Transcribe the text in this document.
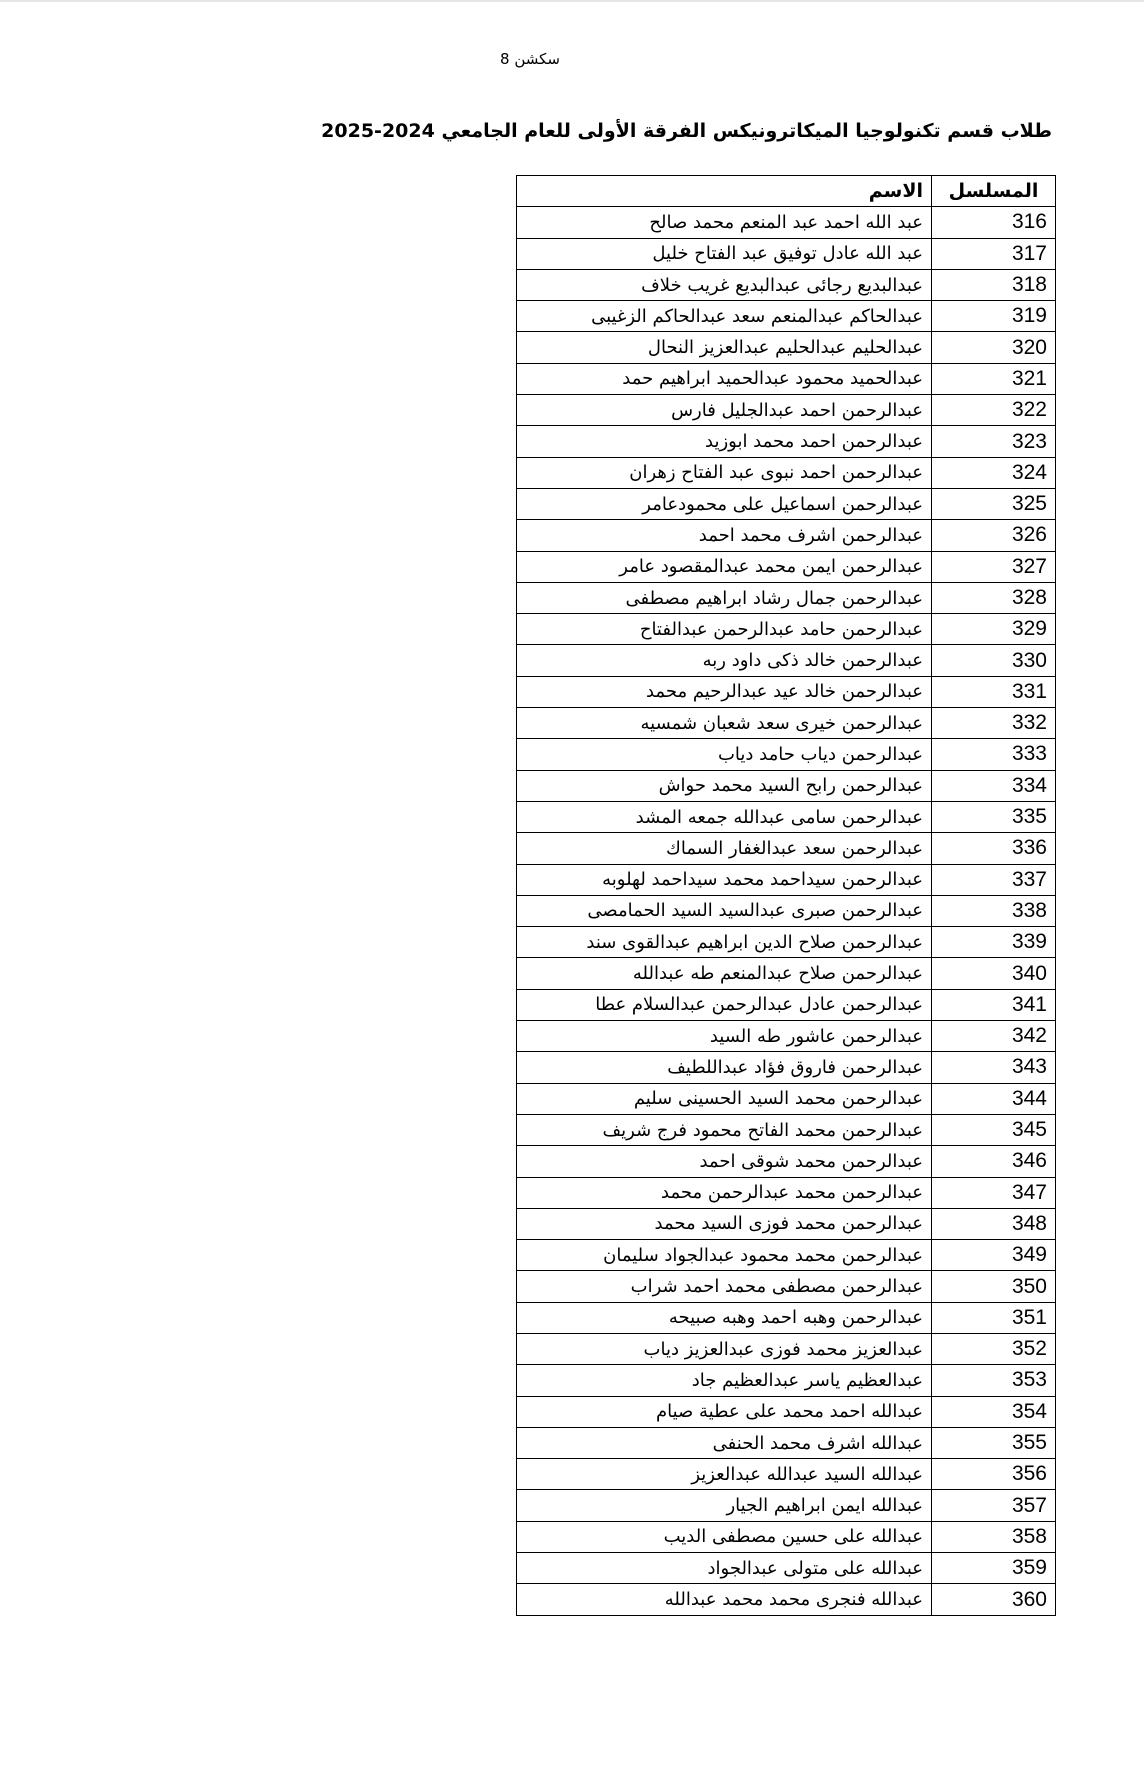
سكشن 8
طلاب قسم تكنولوجيا الميكاترونيكس الفرقة الأولى للعام الجامعي 2024-2025
المسلسل	الاسم
316	عبد الله احمد عبد المنعم محمد صالح
317	عبد الله عادل توفيق عبد الفتاح خليل
318	عبدالبديع رجائى عبدالبديع غريب خلاف
319	عبدالحاكم عبدالمنعم سعد عبدالحاكم الزغيبى
320	عبدالحليم عبدالحليم عبدالعزيز النحال
321	عبدالحميد محمود عبدالحميد ابراهيم حمد
322	عبدالرحمن احمد عبدالجليل فارس
323	عبدالرحمن احمد محمد ابوزيد
324	عبدالرحمن احمد نبوى عبد الفتاح زهران
325	عبدالرحمن اسماعيل على محمودعامر
326	عبدالرحمن اشرف محمد احمد
327	عبدالرحمن ايمن محمد عبدالمقصود عامر
328	عبدالرحمن جمال رشاد ابراهيم مصطفى
329	عبدالرحمن حامد عبدالرحمن عبدالفتاح
330	عبدالرحمن خالد ذكى داود ربه
331	عبدالرحمن خالد عيد عبدالرحيم محمد
332	عبدالرحمن خيرى سعد شعبان شمسيه
333	عبدالرحمن دياب حامد دياب
334	عبدالرحمن رابح السيد محمد حواش
335	عبدالرحمن سامى عبدالله جمعه المشد
336	عبدالرحمن سعد عبدالغفار السماك
337	عبدالرحمن سيداحمد محمد سيداحمد لهلوبه
338	عبدالرحمن صبرى عبدالسيد السيد الحمامصى
339	عبدالرحمن صلاح الدين ابراهيم عبدالقوى سند
340	عبدالرحمن صلاح عبدالمنعم طه عبدالله
341	عبدالرحمن عادل عبدالرحمن عبدالسلام عطا
342	عبدالرحمن عاشور طه السيد
343	عبدالرحمن فاروق فؤاد عبداللطيف
344	عبدالرحمن محمد السيد الحسينى سليم
345	عبدالرحمن محمد الفاتح محمود فرج شريف
346	عبدالرحمن محمد شوقى احمد
347	عبدالرحمن محمد عبدالرحمن محمد
348	عبدالرحمن محمد فوزى السيد محمد
349	عبدالرحمن محمد محمود عبدالجواد سليمان
350	عبدالرحمن مصطفى محمد احمد شراب
351	عبدالرحمن وهبه احمد وهبه صبيحه
352	عبدالعزيز محمد فوزى عبدالعزيز دياب
353	عبدالعظيم ياسر عبدالعظيم جاد
354	عبدالله احمد محمد على عطية صيام
355	عبدالله اشرف محمد الحنفى
356	عبدالله السيد عبدالله عبدالعزيز
357	عبدالله ايمن ابراهيم الجيار
358	عبدالله على حسين مصطفى الديب
359	عبدالله على متولى عبدالجواد
360	عبدالله فنجرى محمد محمد عبدالله
